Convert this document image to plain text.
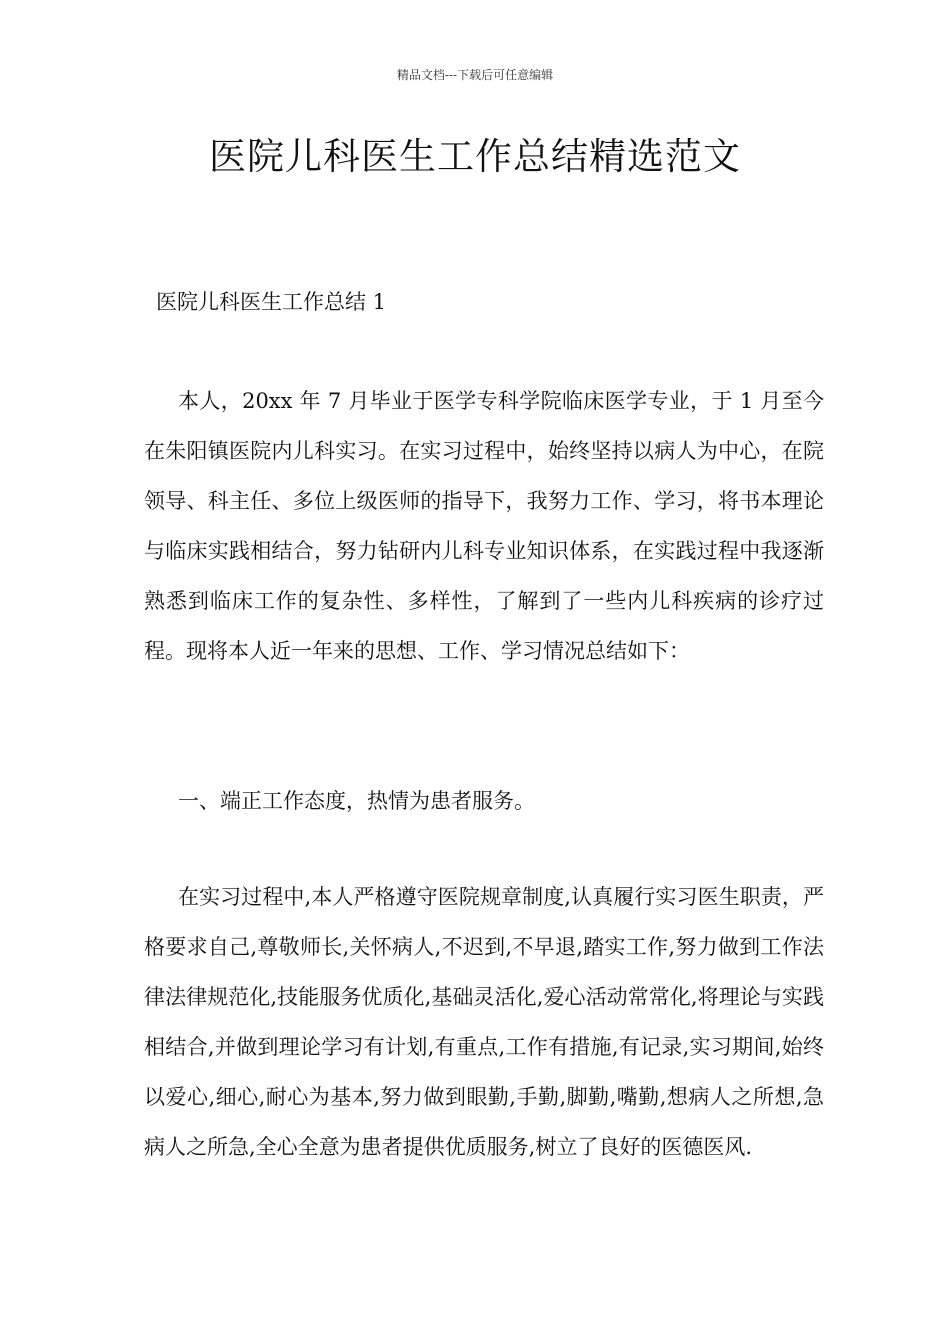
精品文档---下载后可任意编辑
医院儿科医生工作总结精选范文
医院儿科医生工作总结 1

本人，20xx 年 7 月毕业于医学专科学院临床医学专业，于 1 月至今在朱阳镇医院内儿科实习。在实习过程中，始终坚持以病人为中心，在院领导、科主任、多位上级医师的指导下，我努力工作、学习，将书本理论与临床实践相结合，努力钻研内儿科专业知识体系，在实践过程中我逐渐熟悉到临床工作的复杂性、多样性，了解到了一些内儿科疾病的诊疗过程。现将本人近一年来的思想、工作、学习情况总结如下：

一、端正工作态度，热情为患者服务。

在实习过程中,本人严格遵守医院规章制度,认真履行实习医生职责，严格要求自己,尊敬师长,关怀病人,不迟到,不早退,踏实工作,努力做到工作法律法律规范化,技能服务优质化,基础灵活化,爱心活动常常化,将理论与实践相结合,并做到理论学习有计划,有重点,工作有措施,有记录,实习期间,始终以爱心,细心,耐心为基本,努力做到眼勤,手勤,脚勤,嘴勤,想病人之所想,急病人之所急,全心全意为患者提供优质服务,树立了良好的医德医风.
